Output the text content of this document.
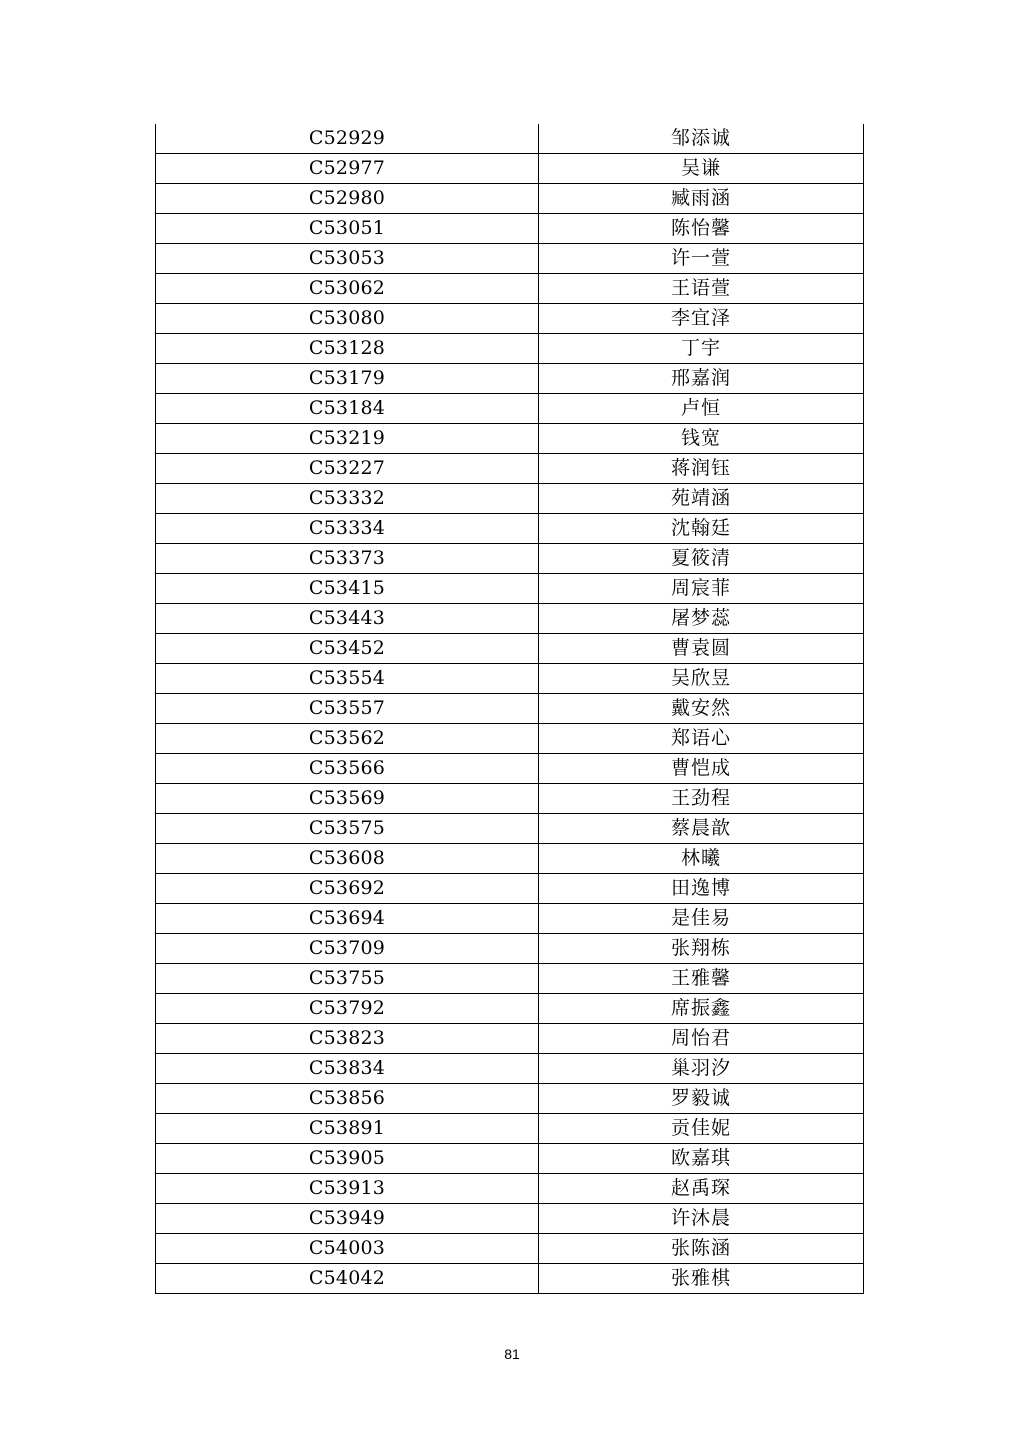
C52929	邹添诚
C52977	吴谦
C52980	臧雨涵
C53051	陈怡馨
C53053	许一萱
C53062	王语萱
C53080	李宜泽
C53128	丁宇
C53179	邢嘉润
C53184	卢恒
C53219	钱宽
C53227	蒋润钰
C53332	苑靖涵
C53334	沈翰廷
C53373	夏筱清
C53415	周宸菲
C53443	屠梦蕊
C53452	曹袁圆
C53554	吴欣昱
C53557	戴安然
C53562	郑语心
C53566	曹恺成
C53569	王劲程
C53575	蔡晨歆
C53608	林曦
C53692	田逸博
C53694	是佳易
C53709	张翔栋
C53755	王雅馨
C53792	席振鑫
C53823	周怡君
C53834	巢羽汐
C53856	罗毅诚
C53891	贡佳妮
C53905	欧嘉琪
C53913	赵禹琛
C53949	许沐晨
C54003	张陈涵
C54042	张雅棋
81
